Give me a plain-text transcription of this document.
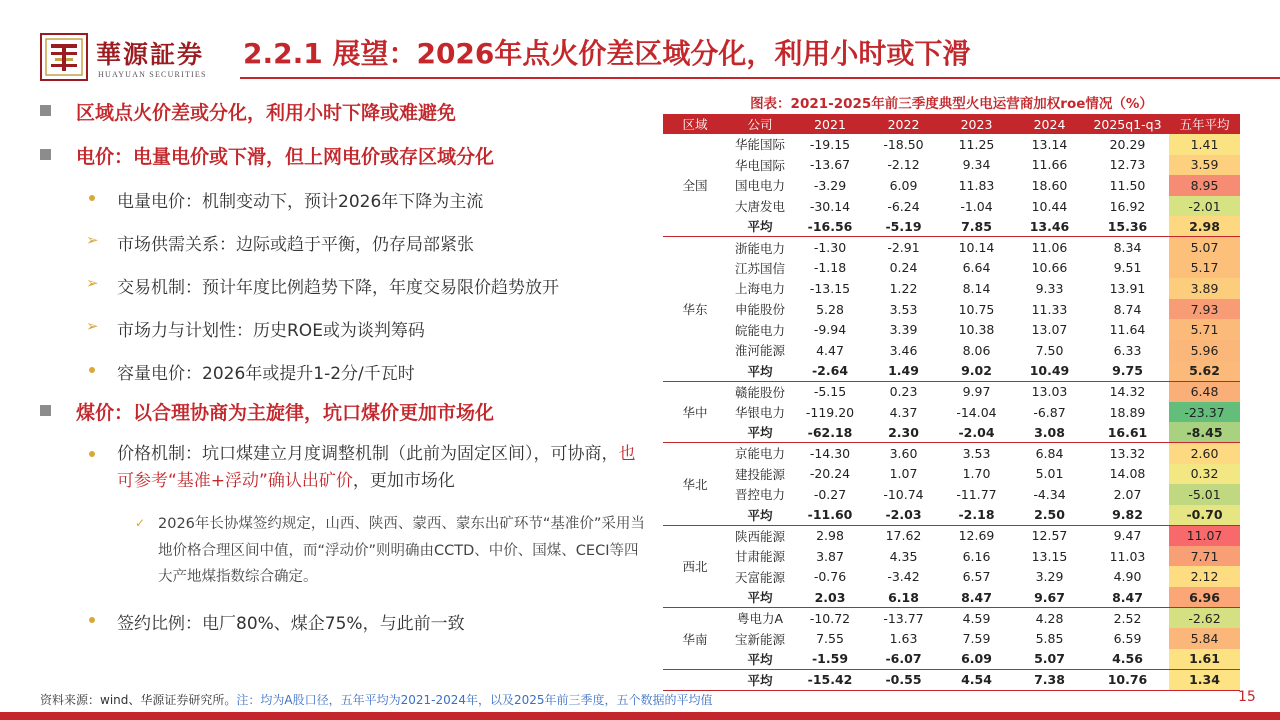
華源証券
HUAYUAN SECURITIES
2.2.1 展望：2026年点火价差区域分化，利用小时或下滑
区域点火价差或分化，利用小时下降或难避免
电价：电量电价或下滑，但上网电价或存区域分化
电量电价：机制变动下，预计2026年下降为主流
➢ 市场供需关系：边际或趋于平衡，仍存局部紧张
➢ 交易机制：预计年度比例趋势下降，年度交易限价趋势放开
➢ 市场力与计划性：历史ROE或为谈判筹码
容量电价：2026年或提升1-2分/千瓦时
煤价：以合理协商为主旋律，坑口煤价更加市场化
价格机制：坑口煤建立月度调整机制（此前为固定区间），可协商，也可参考“基准+浮动”确认出矿价，更加市场化
✓ 2026年长协煤签约规定，山西、陕西、蒙西、蒙东出矿环节“基准价”采用当地价格合理区间中值，而“浮动价”则明确由CCTD、中价、国煤、CECI等四大产地煤指数综合确定。
签约比例：电厂80%、煤企75%，与此前一致
图表：2021-2025年前三季度典型火电运营商加权roe情况（%）
区域	公司	2021	2022	2023	2024	2025q1-q3	五年平均
全国	华能国际	-19.15	-18.50	11.25	13.14	20.29	1.41
	华电国际	-13.67	-2.12	9.34	11.66	12.73	3.59
	国电电力	-3.29	6.09	11.83	18.60	11.50	8.95
	大唐发电	-30.14	-6.24	-1.04	10.44	16.92	-2.01
	平均	-16.56	-5.19	7.85	13.46	15.36	2.98
华东	浙能电力	-1.30	-2.91	10.14	11.06	8.34	5.07
	江苏国信	-1.18	0.24	6.64	10.66	9.51	5.17
	上海电力	-13.15	1.22	8.14	9.33	13.91	3.89
	申能股份	5.28	3.53	10.75	11.33	8.74	7.93
	皖能电力	-9.94	3.39	10.38	13.07	11.64	5.71
	淮河能源	4.47	3.46	8.06	7.50	6.33	5.96
	平均	-2.64	1.49	9.02	10.49	9.75	5.62
华中	赣能股份	-5.15	0.23	9.97	13.03	14.32	6.48
	华银电力	-119.20	4.37	-14.04	-6.87	18.89	-23.37
	平均	-62.18	2.30	-2.04	3.08	16.61	-8.45
华北	京能电力	-14.30	3.60	3.53	6.84	13.32	2.60
	建投能源	-20.24	1.07	1.70	5.01	14.08	0.32
	晋控电力	-0.27	-10.74	-11.77	-4.34	2.07	-5.01
	平均	-11.60	-2.03	-2.18	2.50	9.82	-0.70
西北	陕西能源	2.98	17.62	12.69	12.57	9.47	11.07
	甘肃能源	3.87	4.35	6.16	13.15	11.03	7.71
	天富能源	-0.76	-3.42	6.57	3.29	4.90	2.12
	平均	2.03	6.18	8.47	9.67	8.47	6.96
华南	粤电力A	-10.72	-13.77	4.59	4.28	2.52	-2.62
	宝新能源	7.55	1.63	7.59	5.85	6.59	5.84
	平均	-1.59	-6.07	6.09	5.07	4.56	1.61
	平均	-15.42	-0.55	4.54	7.38	10.76	1.34
资料来源：wind、华源证券研究所。注：均为A股口径，五年平均为2021-2024年，以及2025年前三季度，五个数据的平均值	15
